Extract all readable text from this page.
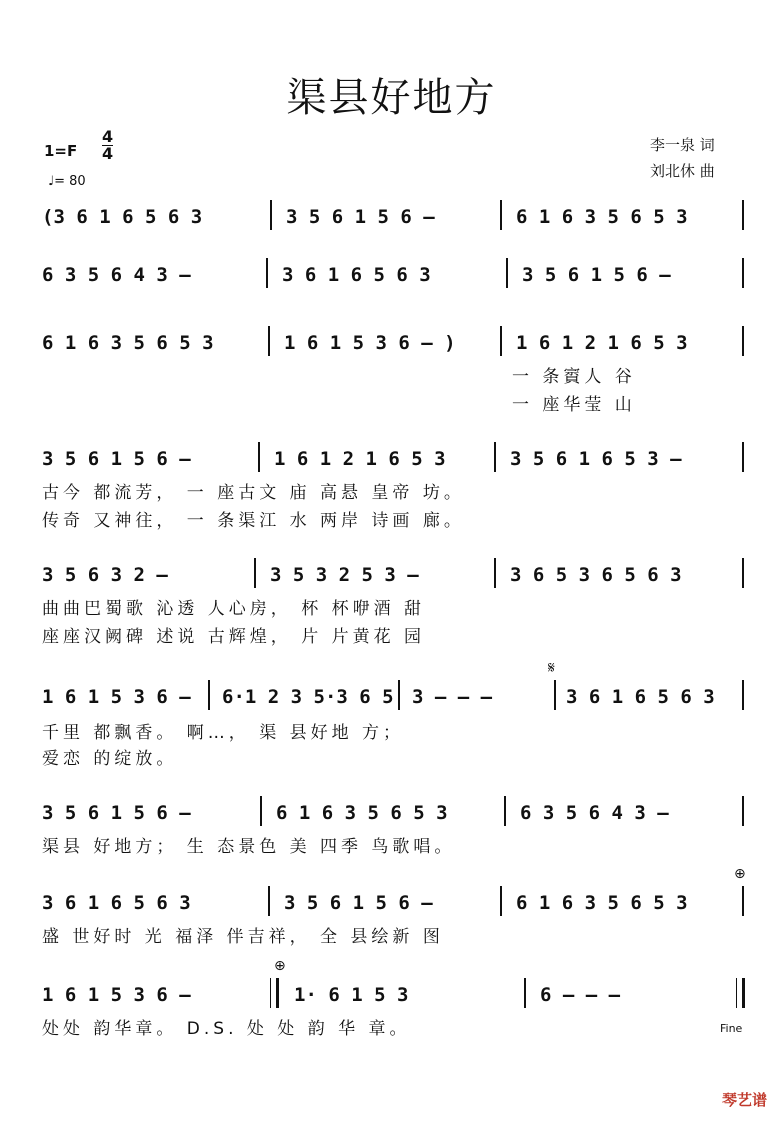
渠县好地方
1=F
4
4
♩= 80
李一泉 词
刘北休 曲
(3 6 1 6 5 6 3	3 5 6 1 5 6 –	6 1 6 3 5 6 5 3
6 3 5 6 4 3 –	3 6 1 6 5 6 3	3 5 6 1 5 6 –
6 1 6 3 5 6 5 3	1 6 1 5 3 6 – )	1 6 1 2 1 6 5 3
一 条賨人 谷
一 座华莹 山
3 5 6 1 5 6 –	1 6 1 2 1 6 5 3	3 5 6 1 6 5 3 –
古今 都流芳， 一 座古文 庙 高悬 皇帝 坊。
传奇 又神往， 一 条渠江 水 两岸 诗画 廊。
3 5 6 3 2 –	3 5 3 2 5 3 –	3 6 5 3 6 5 6 3
曲曲巴蜀歌 沁透 人心房， 杯 杯咿酒 甜
座座汉阙碑 述说 古辉煌， 片 片黄花 园
𝄋
1 6 1 5 3 6 – 6·1 2 3 5·3 6 5 3 – – –	3 6 1 6 5 6 3
千里 都飘香。 啊…， 渠 县好地 方；
爱恋 的绽放。
3 5 6 1 5 6 –	6 1 6 3 5 6 5 3	6 3 5 6 4 3 –
渠县 好地方； 生 态景色 美 四季 鸟歌唱。
⊕
3 6 1 6 5 6 3	3 5 6 1 5 6 –	6 1 6 3 5 6 5 3
盛 世好时 光 福泽 伴吉祥， 全 县绘新 图
⊕
1 6 1 5 3 6 –	1· 6 1 5 3	6 – – –
处处 韵华章。 D.S. 处 处 韵 华 章。	Fine
琴艺谱
